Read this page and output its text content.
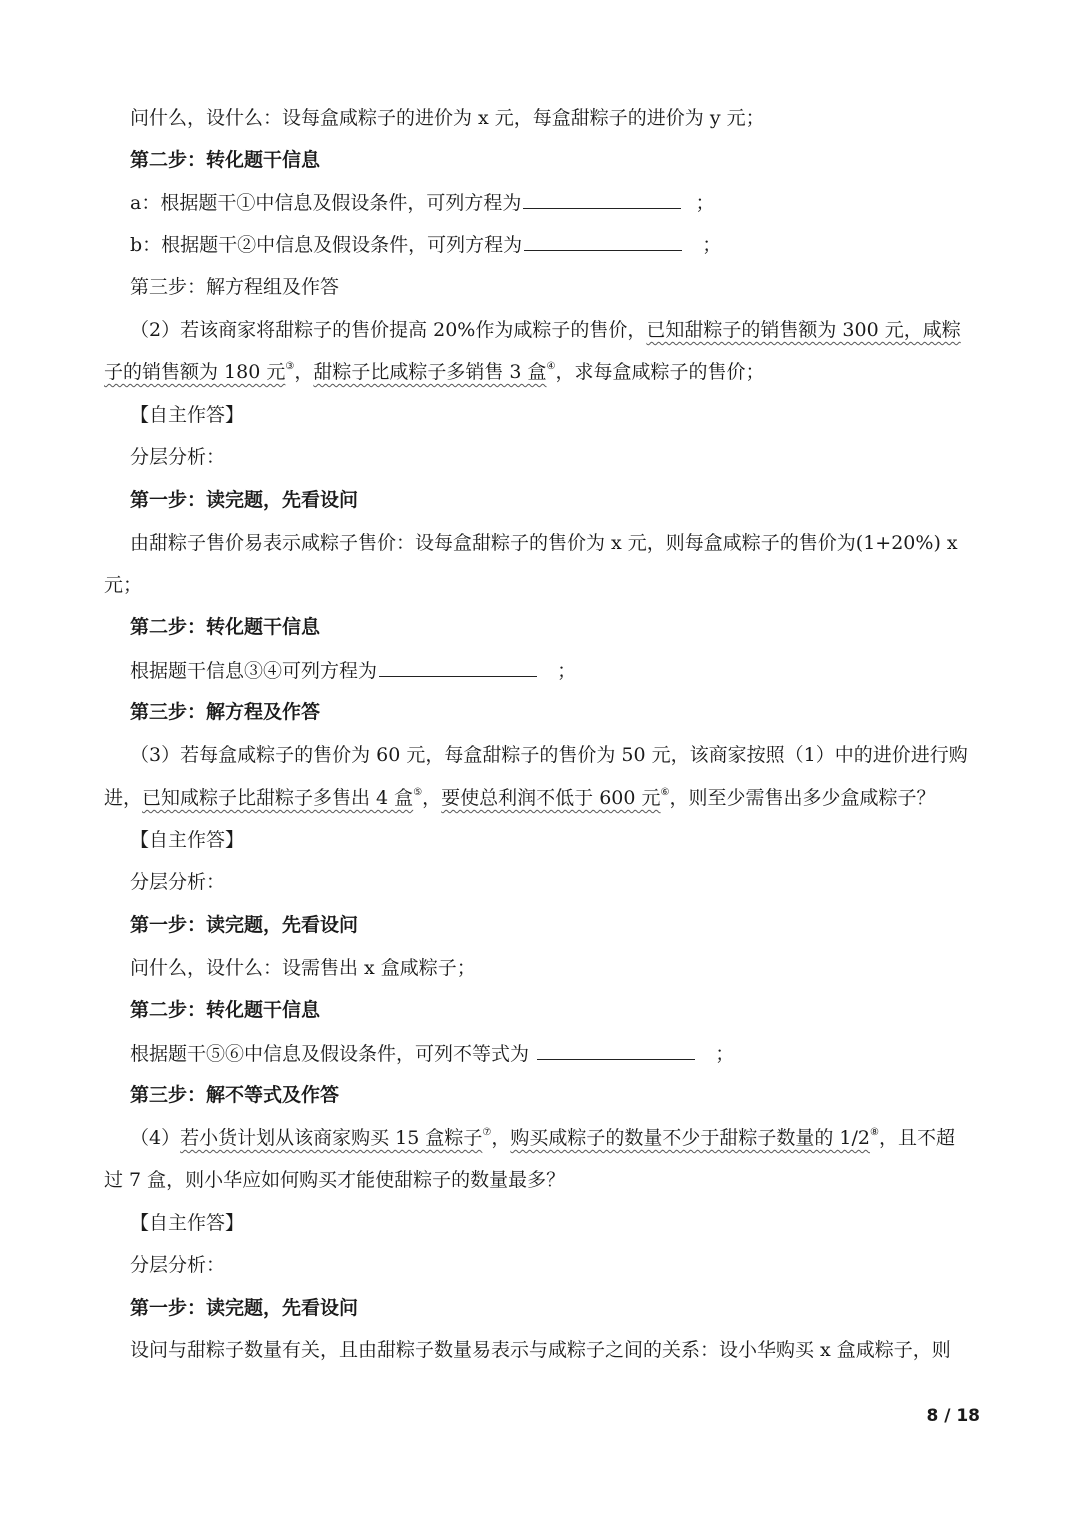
问什么，设什么：设每盒咸粽子的进价为 x 元，每盒甜粽子的进价为 y 元；
第二步：转化题干信息
a：根据题干①中信息及假设条件，可列方程为	；
b：根据题干②中信息及假设条件，可列方程为	；
第三步：解方程组及作答
（2）若该商家将甜粽子的售价提高 20%作为咸粽子的售价，已知甜粽子的销售额为 300 元，咸粽
子的销售额为 180 元③，甜粽子比咸粽子多销售 3 盒④，求每盒咸粽子的售价；
【自主作答】
分层分析：
第一步：读完题，先看设问
由甜粽子售价易表示咸粽子售价：设每盒甜粽子的售价为 x 元，则每盒咸粽子的售价为(1+20%) x
元；
第二步：转化题干信息
根据题干信息③④可列方程为	；
第三步：解方程及作答
（3）若每盒咸粽子的售价为 60 元，每盒甜粽子的售价为 50 元，该商家按照（1）中的进价进行购
进，已知咸粽子比甜粽子多售出 4 盒⑤，要使总利润不低于 600 元⑥，则至少需售出多少盒咸粽子？
【自主作答】
分层分析：
第一步：读完题，先看设问
问什么，设什么：设需售出 x 盒咸粽子；
第二步：转化题干信息
根据题干⑤⑥中信息及假设条件，可列不等式为	；
第三步：解不等式及作答
（4）若小货计划从该商家购买 15 盒粽子⑦，购买咸粽子的数量不少于甜粽子数量的 1/2⑧，且不超
过 7 盒，则小华应如何购买才能使甜粽子的数量最多？
【自主作答】
分层分析：
第一步：读完题，先看设问
设问与甜粽子数量有关，且由甜粽子数量易表示与咸粽子之间的关系：设小华购买 x 盒咸粽子，则
8 / 18
